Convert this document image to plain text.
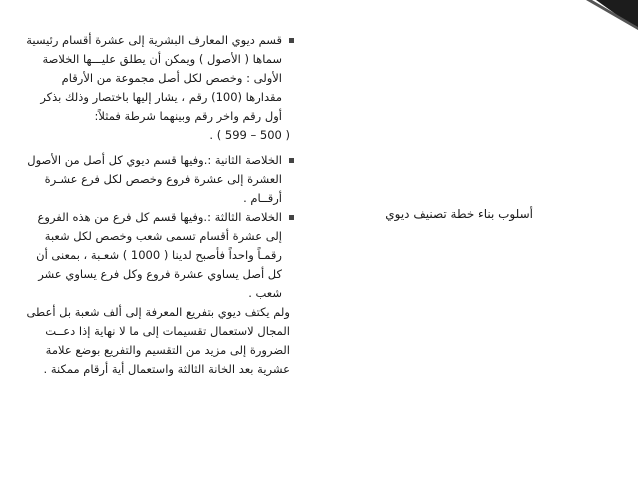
أسلوب بناء خطة تصنيف ديوي
قسم ديوي المعارف البشرية إلى عشرة أقسام رئيسية سماها ( الأصول ) ويمكن أن يطلق عليـــها الخلاصة الأولى : وخصص لكل أصل مجموعة من الأرقام مقدارها (100) رقم ، يشار إليها باختصار وذلك بذكر أول رقم واخر رقم وبينهما شرطة فمثلاً:
( 500 – 599 ) .
الخلاصة الثانية :.وفيها قسم ديوي كل أصل من الأصول العشرة إلى عشرة فروع وخصص لكل فرع عشـرة أرقــام .
الخلاصة الثالثة :.وفيها قسم كل فرع من هذه الفروع إلى عشرة أقسام تسمى شعب وخصص لكل شعبة رقمـاً واحداً فأصبح لدينا ( 1000 ) شعـبة ، بمعنى أن كل أصل يساوي عشرة فروع وكل فرع يساوي عشر شعب .
ولم يكتف ديوي بتفريع المعرفة إلى ألف شعبة بل أعطى المجال لاستعمال تقسيمات إلى ما لا نهاية إذا دعــت الضرورة إلى مزيد من التقسيم والتفريع بوضع علامة عشرية بعد الخانة الثالثة واستعمال أية أرقام ممكنة .
